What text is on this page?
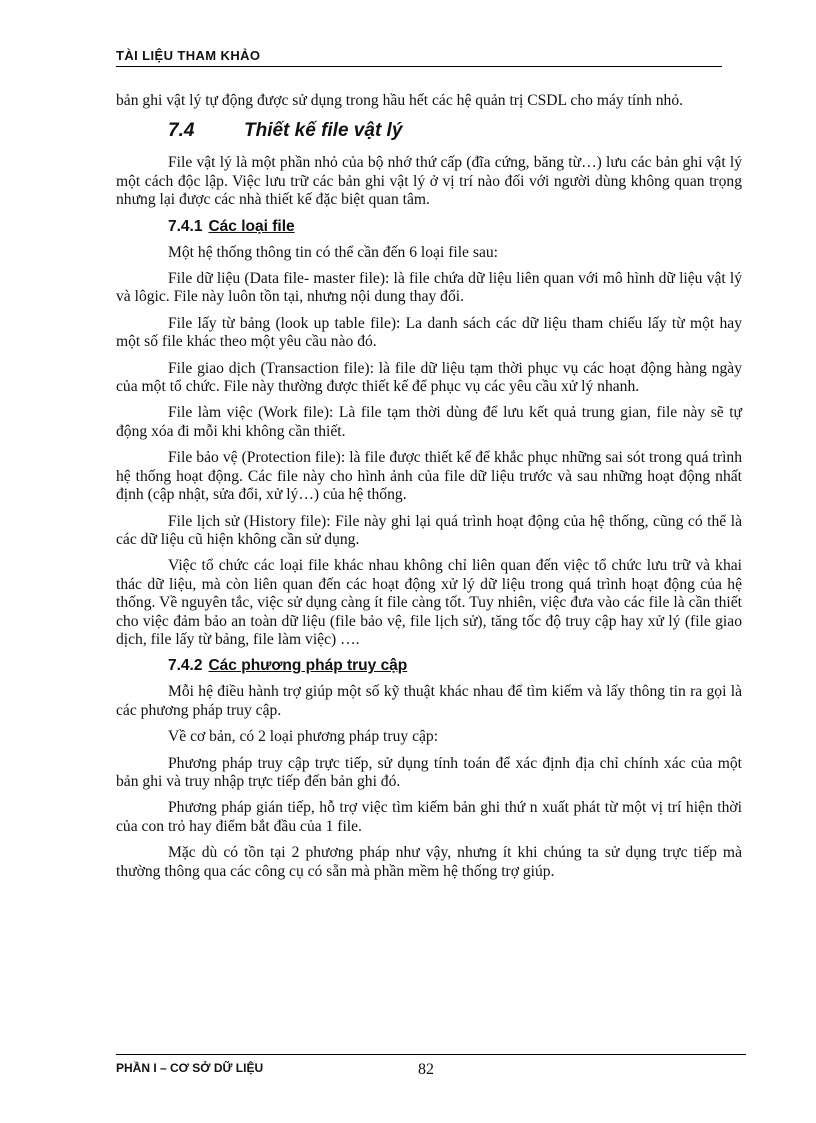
TÀI LIỆU THAM KHẢO

bản ghi vật lý tự động được sử dụng trong hầu hết các hệ quản trị CSDL cho máy tính nhỏ.

7.4	Thiết kế file vật lý

File vật lý là một phần nhỏ của bộ nhớ thứ cấp (đĩa cứng, băng từ…) lưu các bản ghi vật lý một cách độc lập. Việc lưu trữ các bản ghi vật lý ở vị trí nào đối với người dùng không quan trọng nhưng lại được các nhà thiết kế đặc biệt quan tâm.

7.4.1 Các loại file

Một hệ thống thông tin có thể cần đến 6 loại file sau:

File dữ liệu (Data file- master file): là file chứa dữ liệu liên quan với mô hình dữ liệu vật lý và lôgic. File này luôn tồn tại, nhưng nội dung thay đổi.

File lấy từ bảng (look up table file): La danh sách các dữ liệu tham chiếu lấy từ một hay một số file khác theo một yêu cầu nào đó.

File giao dịch (Transaction file): là file dữ liệu tạm thời phục vụ các hoạt động hàng ngày của một tổ chức. File này thường được thiết kế để phục vụ các yêu cầu xử lý nhanh.

File làm việc (Work file): Là file tạm thời dùng để lưu kết quả trung gian, file này sẽ tự động xóa đi mỗi khi không cần thiết.

File bảo vệ (Protection file): là file được thiết kế để khắc phục những sai sót trong quá trình hệ thống hoạt động. Các file này cho hình ảnh của file dữ liệu trước và sau những hoạt động nhất định (cập nhật, sửa đổi, xử lý…) của hệ thống.

File lịch sử (History file): File này ghi lại quá trình hoạt động của hệ thống, cũng có thể là các dữ liệu cũ hiện không cần sử dụng.

Việc tổ chức các loại file khác nhau không chỉ liên quan đến việc tổ chức lưu trữ và khai thác dữ liệu, mà còn liên quan đến các hoạt động xử lý dữ liệu trong quá trình hoạt động của hệ thống. Về nguyên tắc, việc sử dụng càng ít file càng tốt. Tuy nhiên, việc đưa vào các file là cần thiết cho việc đảm bảo an toàn dữ liệu (file bảo vệ, file lịch sử), tăng tốc độ truy cập hay xử lý (file giao dịch, file lấy từ bảng, file làm việc) ….

7.4.2 Các phương pháp truy cập

Mỗi hệ điều hành trợ giúp một số kỹ thuật khác nhau để tìm kiếm và lấy thông tin ra gọi là các phương pháp truy cập.

Về cơ bản, có 2 loại phương pháp truy cập:

Phương pháp truy cập trực tiếp, sử dụng tính toán để xác định địa chỉ chính xác của một bản ghi và truy nhập trực tiếp đến bản ghi đó.

Phương pháp gián tiếp, hỗ trợ việc tìm kiếm bản ghi thứ n xuất phát từ một vị trí hiện thời của con trỏ hay điểm bắt đầu của 1 file.

Mặc dù có tồn tại 2 phương pháp như vậy, nhưng ít khi chúng ta sử dụng trực tiếp mà thường thông qua các công cụ có sẵn mà phần mềm hệ thống trợ giúp.

PHẦN I – CƠ SỞ DỮ LIỆU	82
